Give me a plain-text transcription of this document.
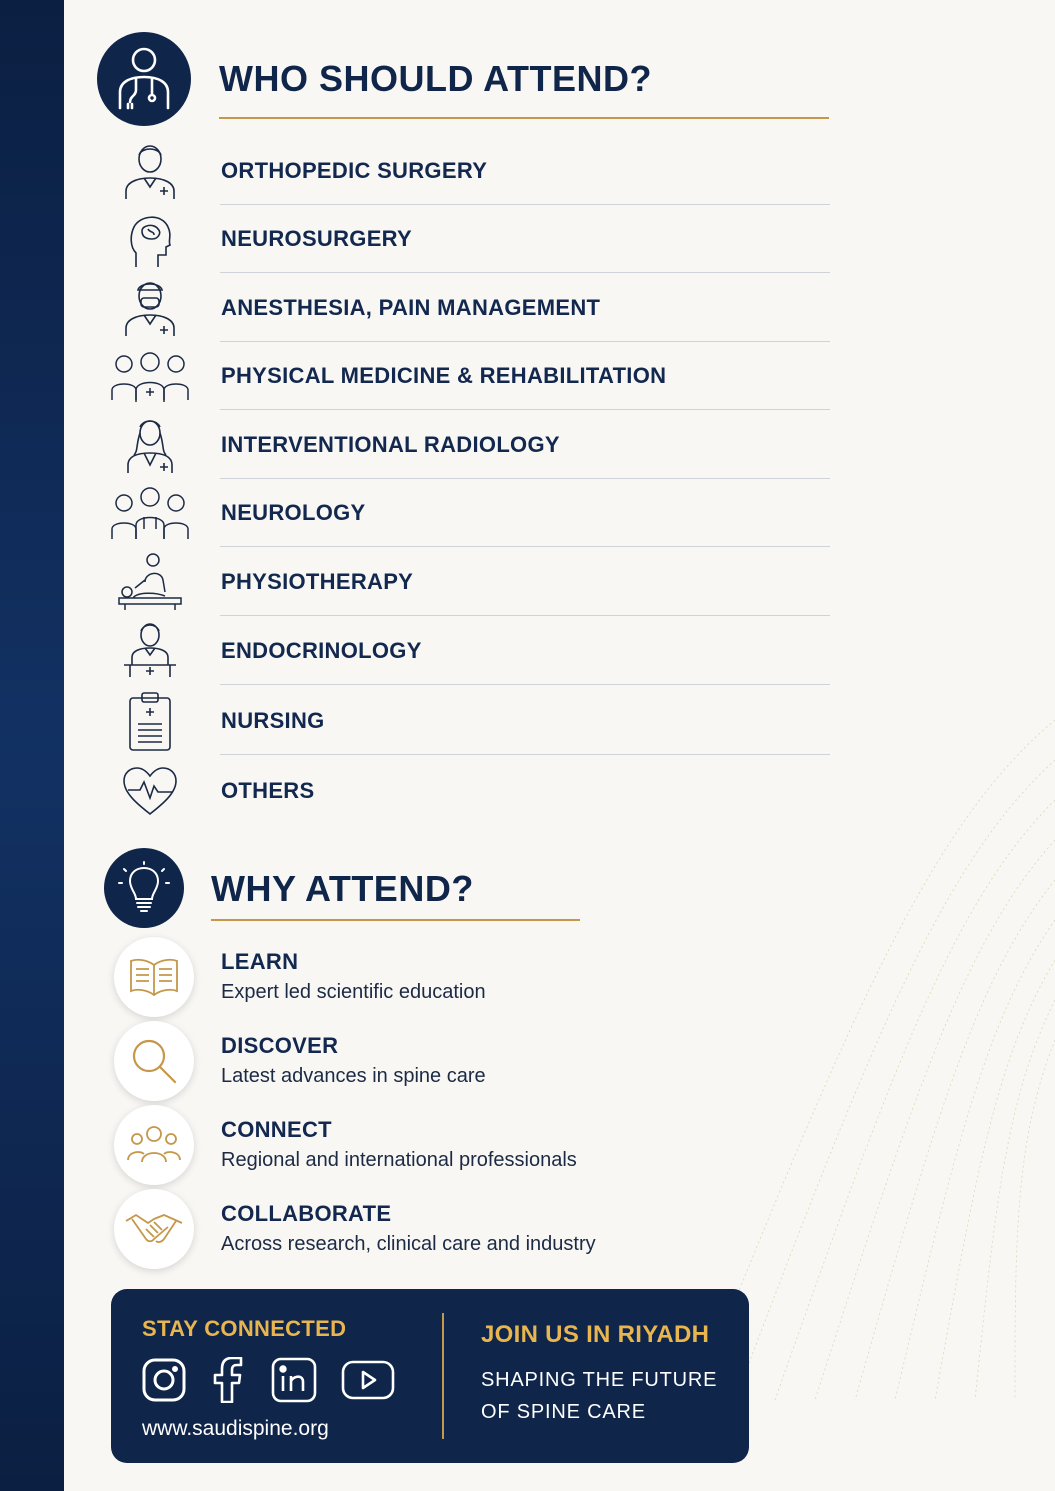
WHO SHOULD ATTEND?
ORTHOPEDIC SURGERY
NEUROSURGERY
ANESTHESIA, PAIN MANAGEMENT
PHYSICAL MEDICINE & REHABILITATION
INTERVENTIONAL RADIOLOGY
NEUROLOGY
PHYSIOTHERAPY
ENDOCRINOLOGY
NURSING
OTHERS
WHY ATTEND?
LEARN
Expert led scientific education
DISCOVER
Latest advances in spine care
CONNECT
Regional and international professionals
COLLABORATE
Across research, clinical care and industry
STAY CONNECTED
www.saudispine.org
JOIN US IN RIYADH
SHAPING THE FUTURE
OF SPINE CARE
